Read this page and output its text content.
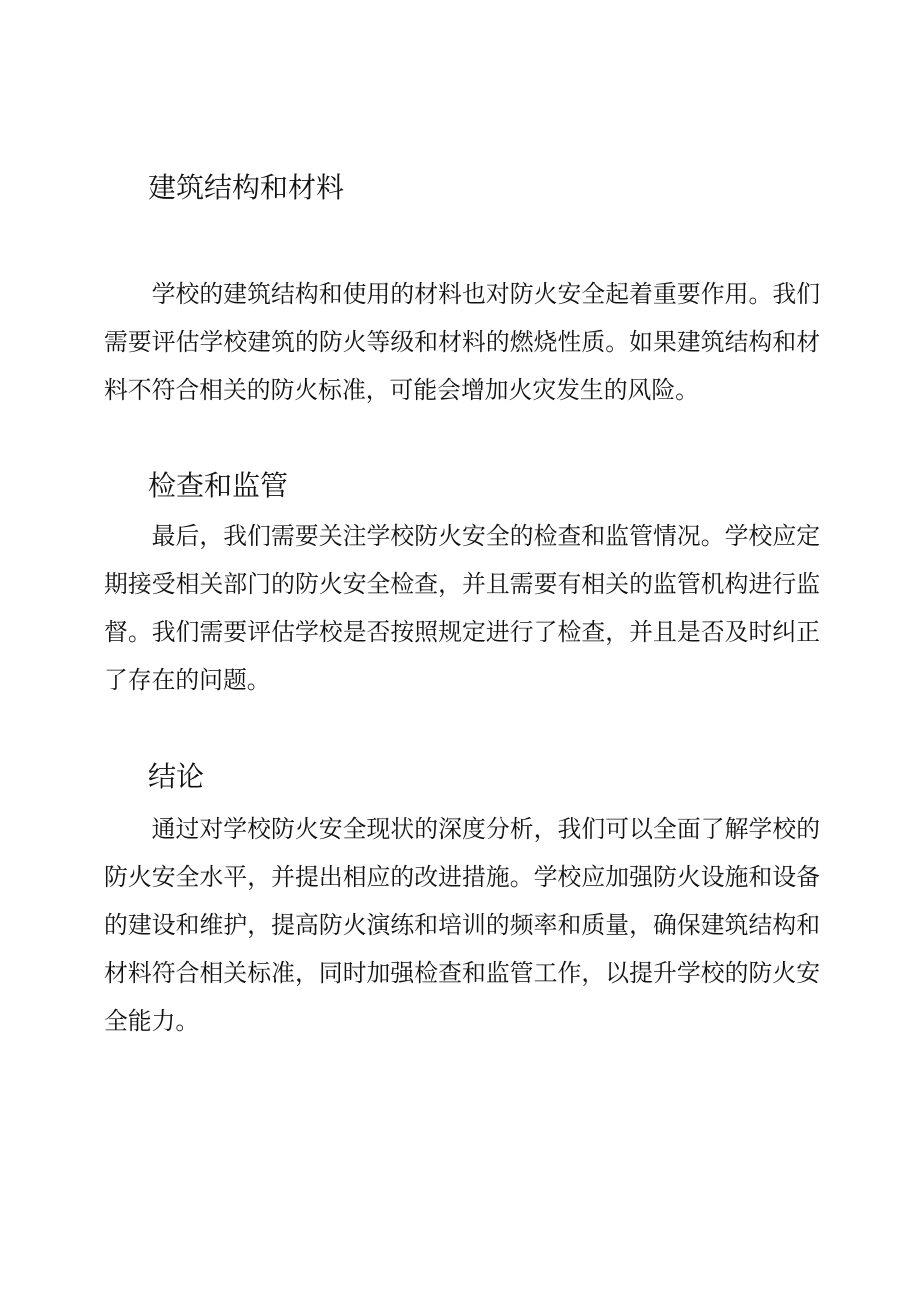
建筑结构和材料

学校的建筑结构和使用的材料也对防火安全起着重要作用。我们需要评估学校建筑的防火等级和材料的燃烧性质。如果建筑结构和材料不符合相关的防火标准，可能会增加火灾发生的风险。

检查和监管

最后，我们需要关注学校防火安全的检查和监管情况。学校应定期接受相关部门的防火安全检查，并且需要有相关的监管机构进行监督。我们需要评估学校是否按照规定进行了检查，并且是否及时纠正了存在的问题。

结论

通过对学校防火安全现状的深度分析，我们可以全面了解学校的防火安全水平，并提出相应的改进措施。学校应加强防火设施和设备的建设和维护，提高防火演练和培训的频率和质量，确保建筑结构和材料符合相关标准，同时加强检查和监管工作，以提升学校的防火安全能力。
